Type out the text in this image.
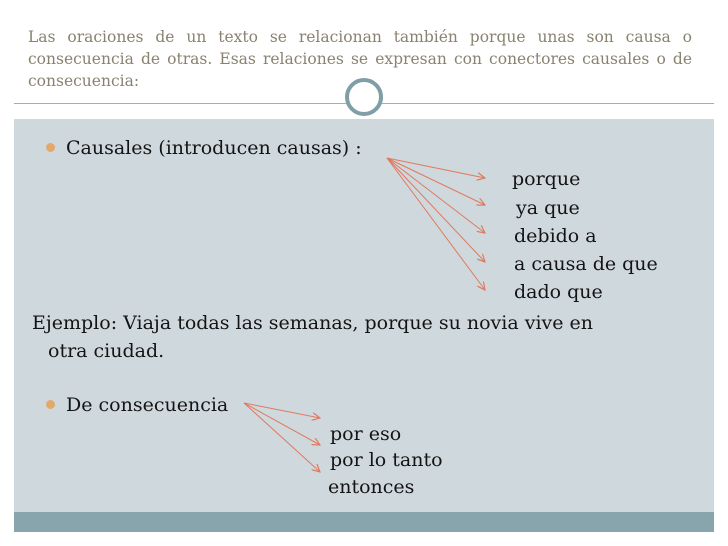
Las oraciones de un texto se relacionan también porque unas son causa o consecuencia de otras. Esas relaciones se expresan con conectores causales o de consecuencia:
Causales (introducen causas) :
porque
ya que
debido a
a causa de que
dado que
Ejemplo: Viaja todas las semanas, porque su novia vive en
otra ciudad.
De consecuencia
por eso
por lo tanto
entonces
